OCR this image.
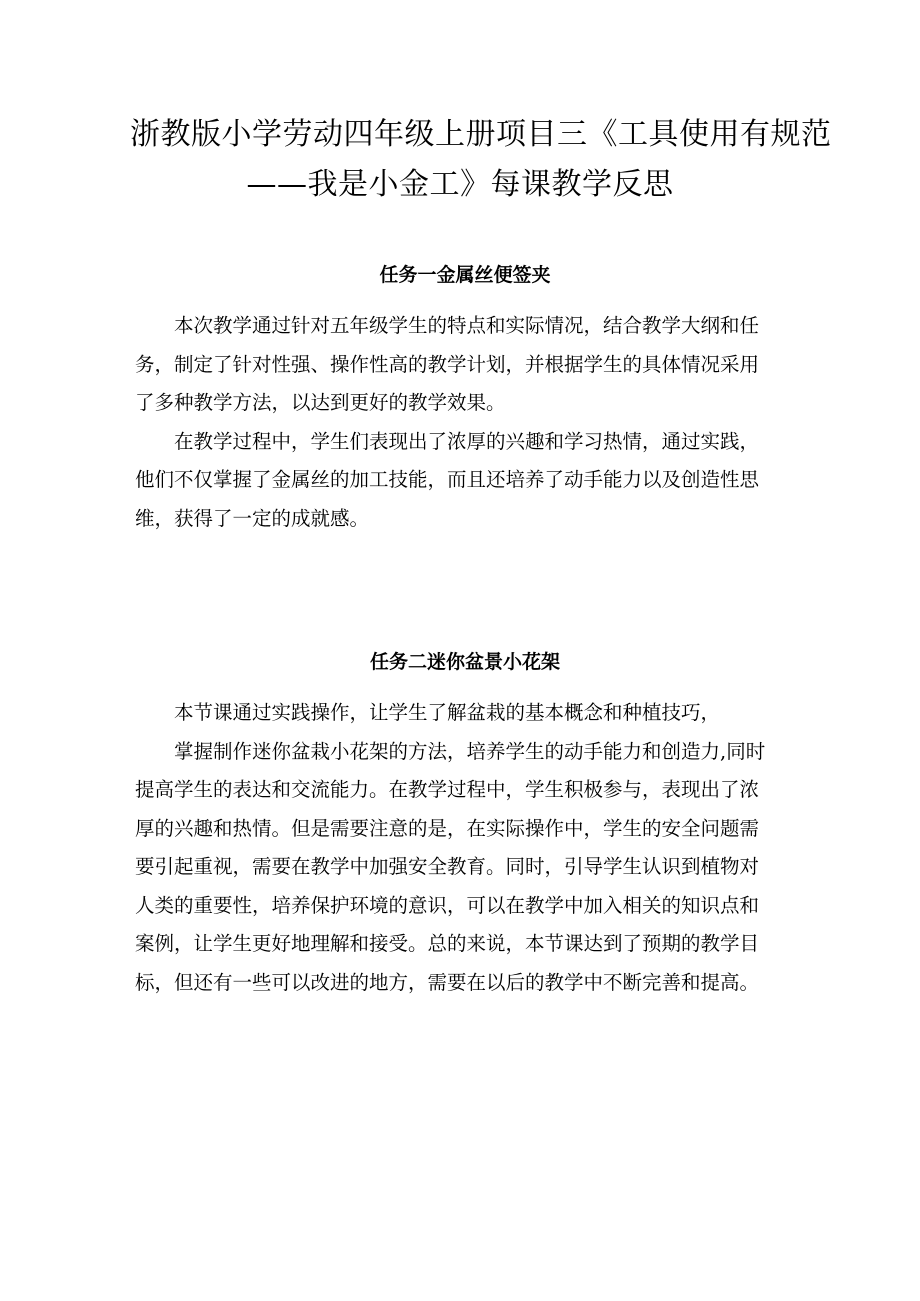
浙教版小学劳动四年级上册项目三《工具使用有规范
——我是小金工》每课教学反思
任务一金属丝便签夹

本次教学通过针对五年级学生的特点和实际情况，结合教学大纲和任
务，制定了针对性强、操作性高的教学计划，并根据学生的具体情况采用
了多种教学方法，以达到更好的教学效果。

在教学过程中，学生们表现出了浓厚的兴趣和学习热情，通过实践，
他们不仅掌握了金属丝的加工技能，而且还培养了动手能力以及创造性思
维，获得了一定的成就感。

任务二迷你盆景小花架

本节课通过实践操作，让学生了解盆栽的基本概念和种植技巧，

掌握制作迷你盆栽小花架的方法，培养学生的动手能力和创造力,同时
提高学生的表达和交流能力。在教学过程中，学生积极参与，表现出了浓
厚的兴趣和热情。但是需要注意的是，在实际操作中，学生的安全问题需
要引起重视，需要在教学中加强安全教育。同时，引导学生认识到植物对
人类的重要性，培养保护环境的意识，可以在教学中加入相关的知识点和
案例，让学生更好地理解和接受。总的来说，本节课达到了预期的教学目
标，但还有一些可以改进的地方，需要在以后的教学中不断完善和提高。
